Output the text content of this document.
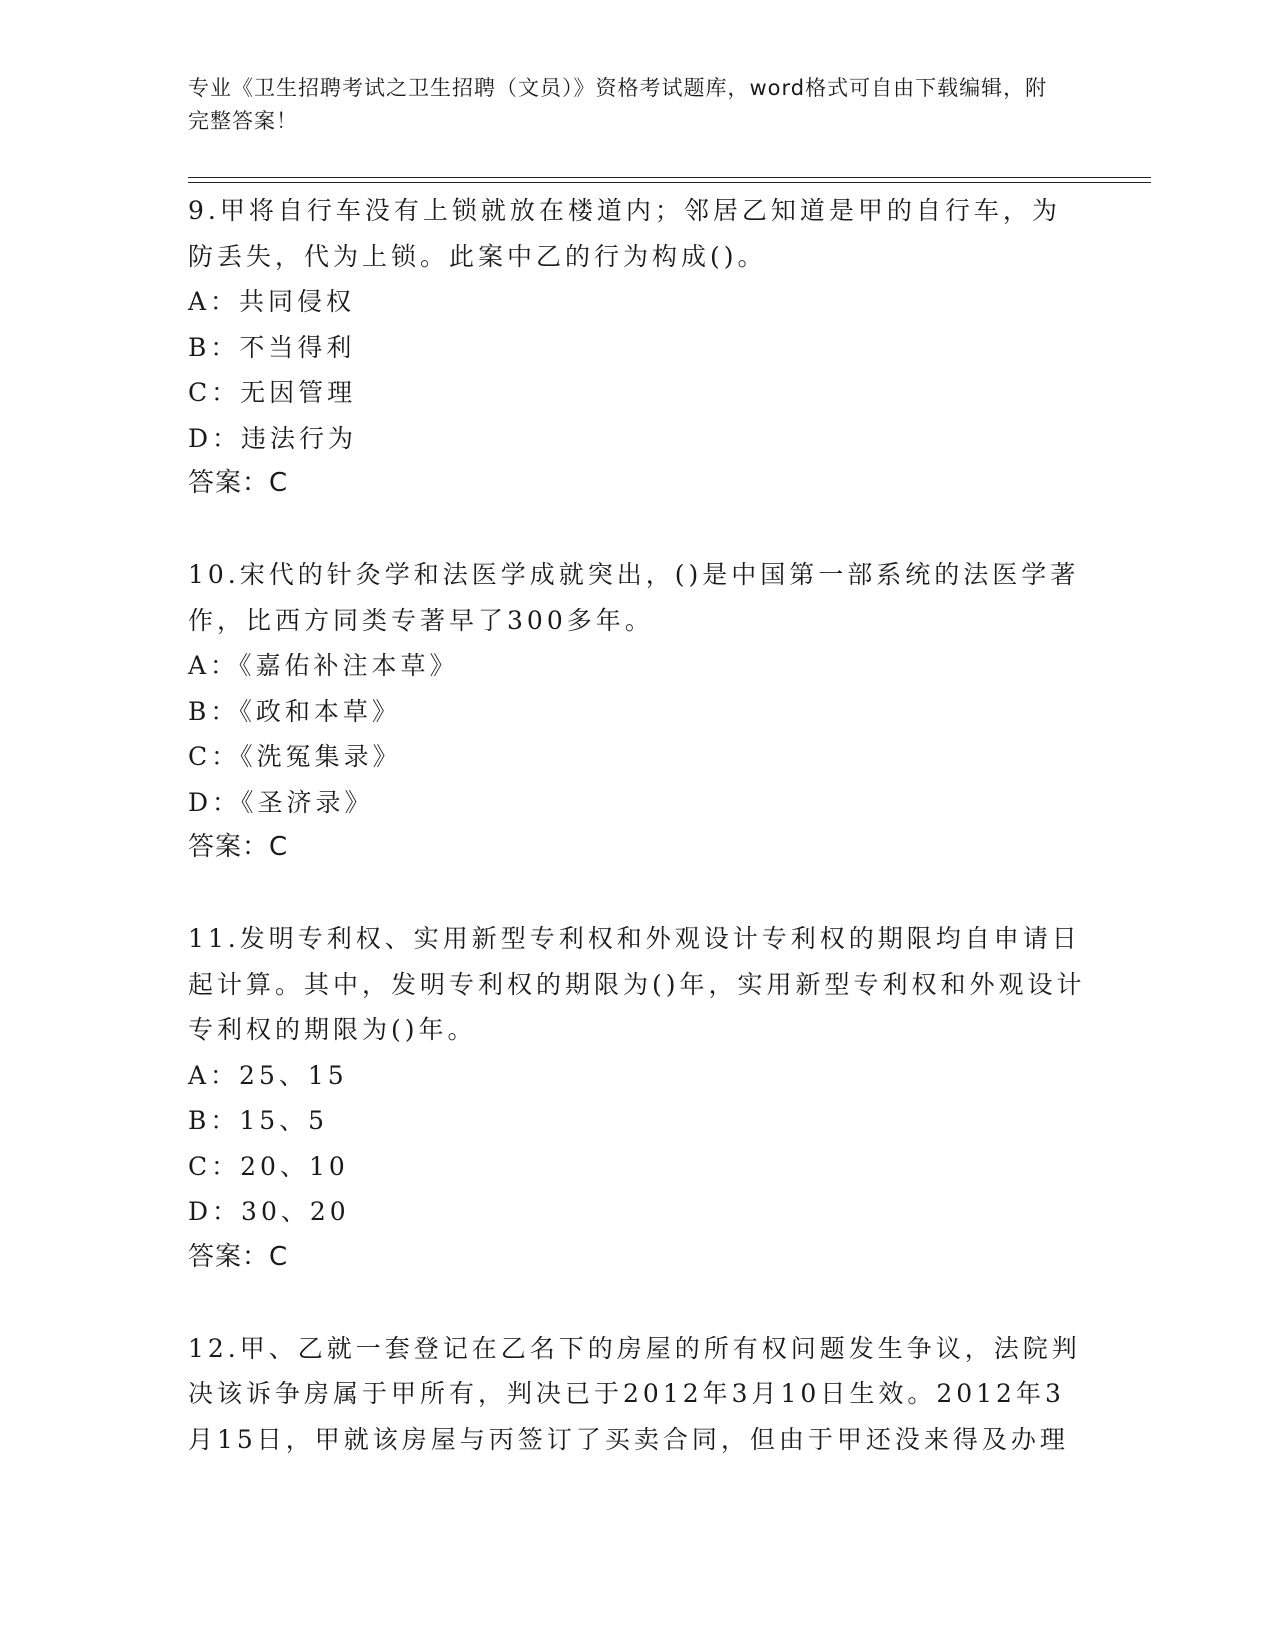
专业《卫生招聘考试之卫生招聘（文员）》资格考试题库，word格式可自由下载编辑，附完整答案！

9.甲将自行车没有上锁就放在楼道内；邻居乙知道是甲的自行车，为防丢失，代为上锁。此案中乙的行为构成()。

A：共同侵权

B：不当得利

C：无因管理

D：违法行为

答案：C

10.宋代的针灸学和法医学成就突出，()是中国第一部系统的法医学著作，比西方同类专著早了300多年。

A：《嘉佑补注本草》

B：《政和本草》

C：《洗冤集录》

D：《圣济录》

答案：C

11.发明专利权、实用新型专利权和外观设计专利权的期限均自申请日起计算。其中，发明专利权的期限为()年，实用新型专利权和外观设计专利权的期限为()年。

A：25、15

B：15、5

C：20、10

D：30、20

答案：C

12.甲、乙就一套登记在乙名下的房屋的所有权问题发生争议，法院判决该诉争房属于甲所有，判决已于2012年3月10日生效。2012年3月15日，甲就该房屋与丙签订了买卖合同，但由于甲还没来得及办理
